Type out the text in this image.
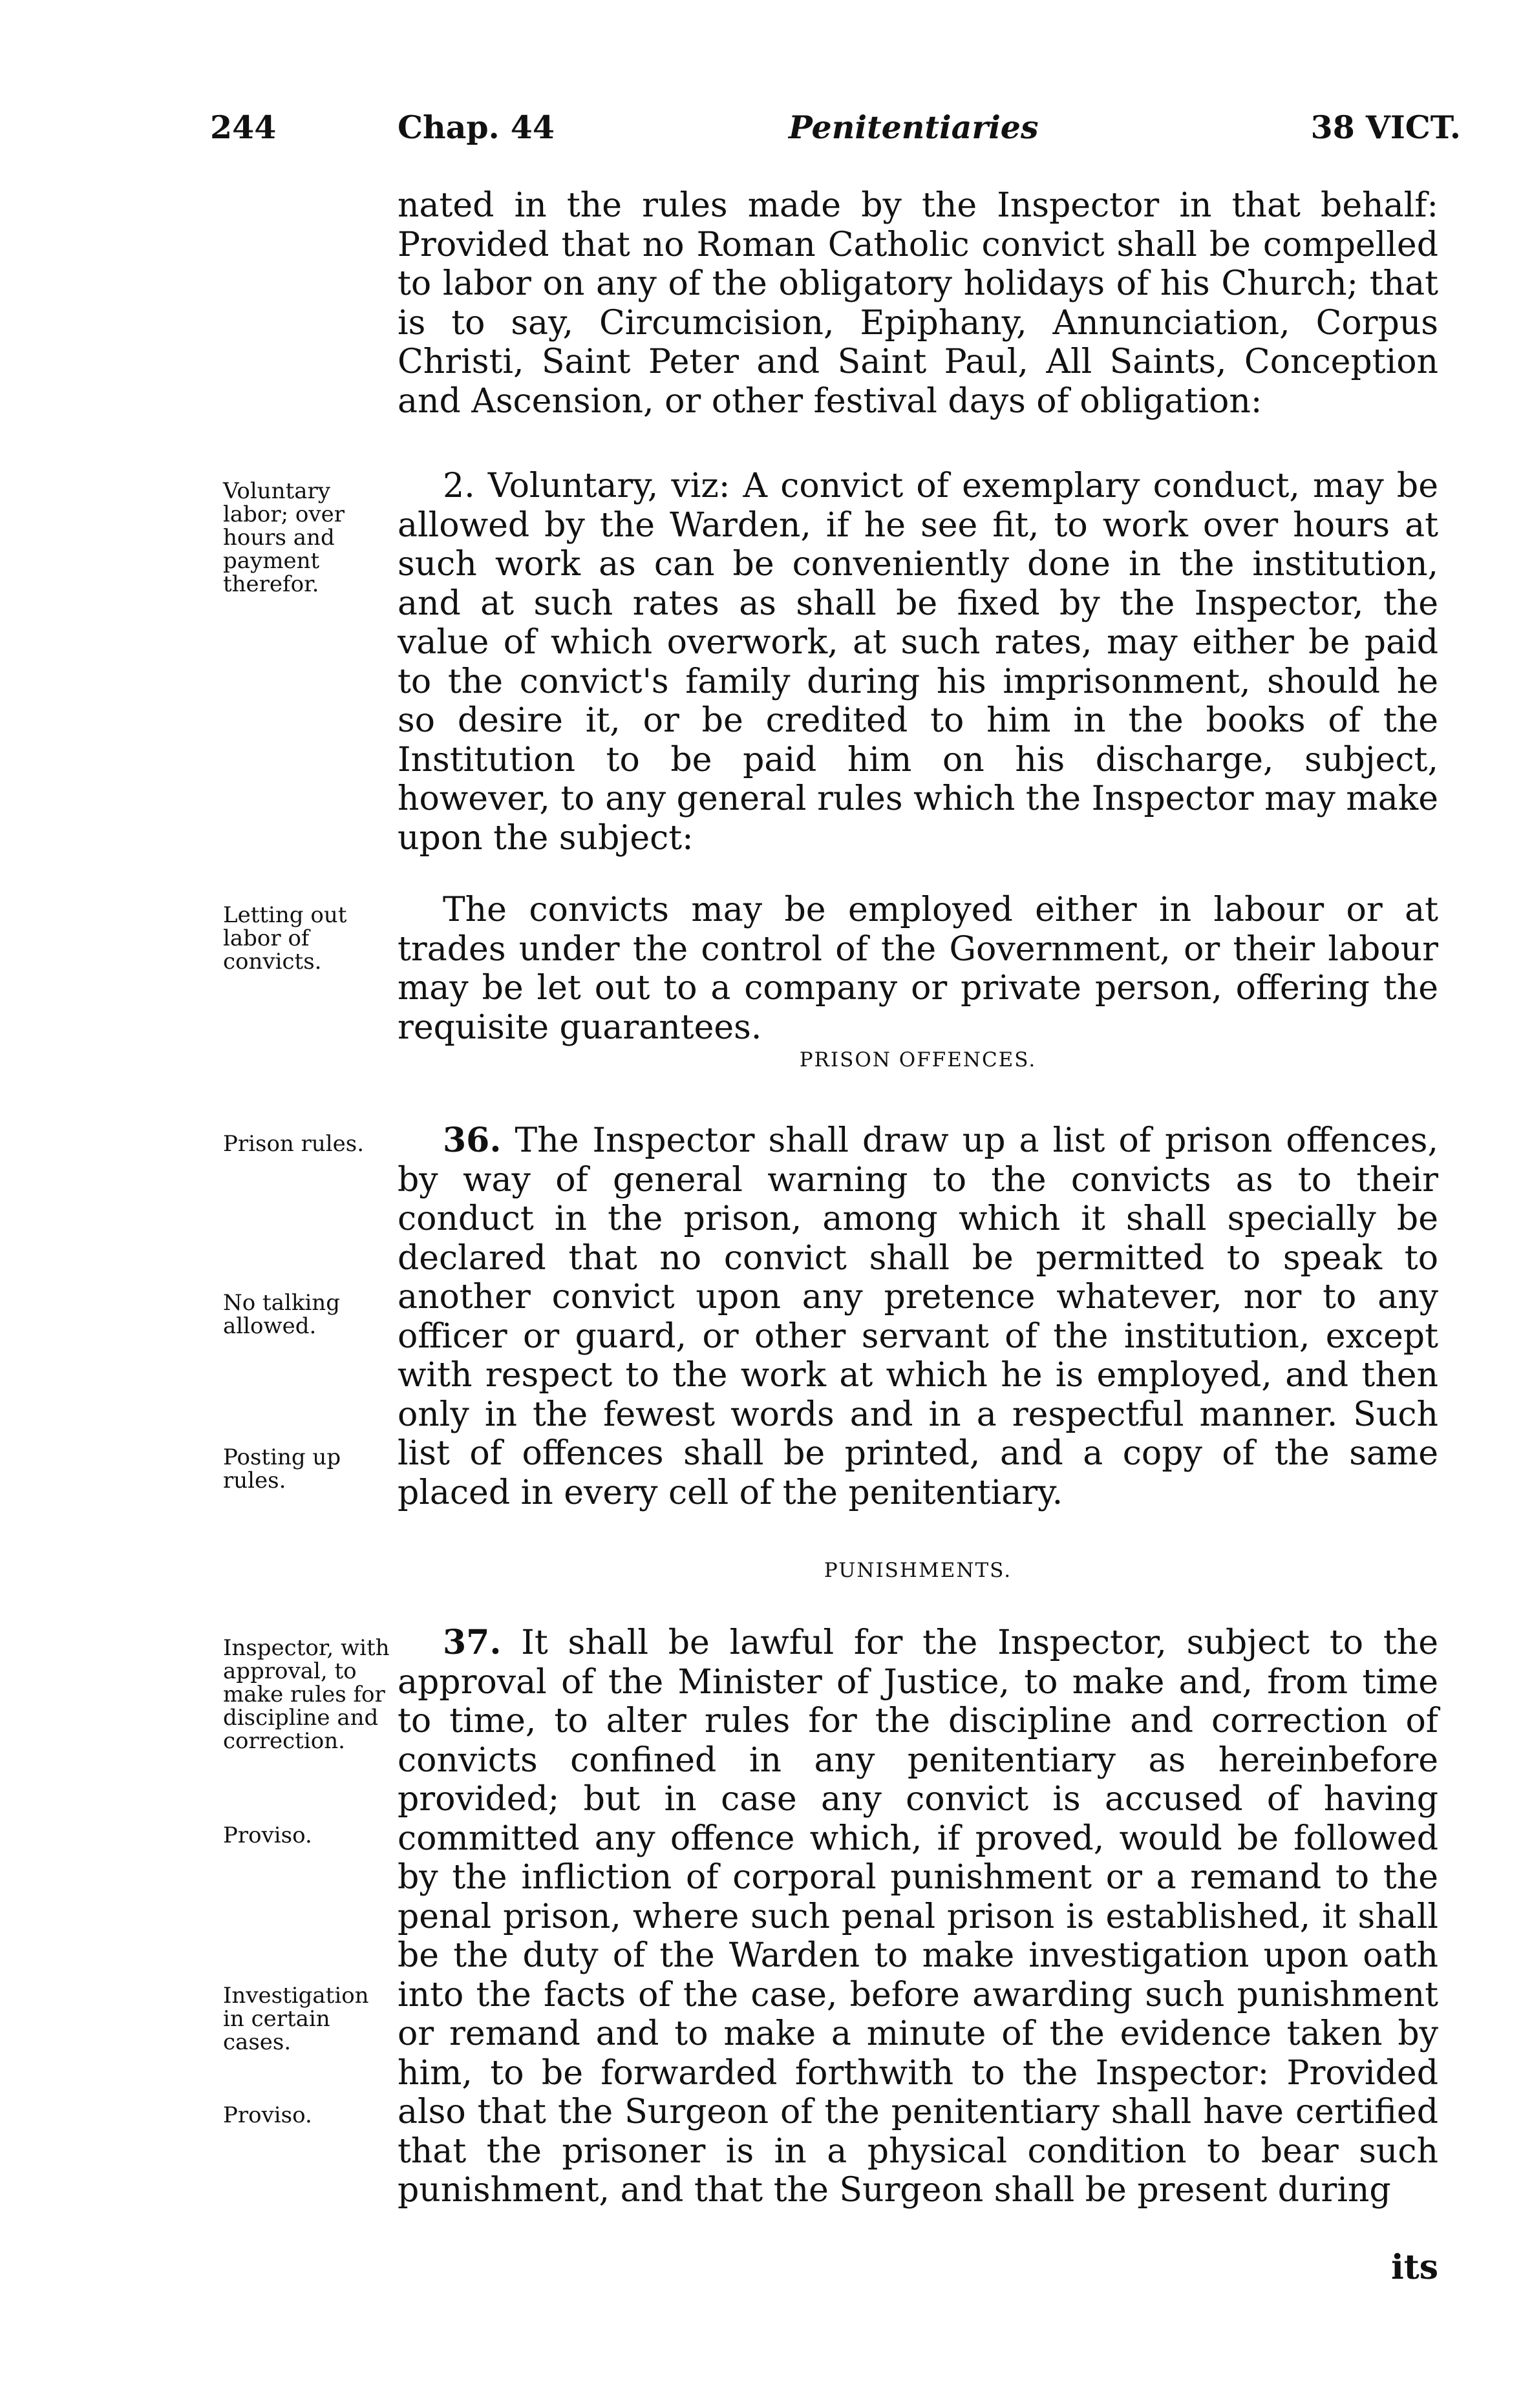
244	Chap. 44	Penitentiaries	38 VICT.

nated in the rules made by the Inspector in that behalf: Provided that no Roman Catholic convict shall be compelled to labor on any of the obligatory holidays of his Church; that is to say, Circumcision, Epiphany, Annunciation, Corpus Christi, Saint Peter and Saint Paul, All Saints, Conception and Ascension, or other festival days of obligation:

Voluntary labor; over hours and payment therefor.

2. Voluntary, viz: A convict of exemplary conduct, may be allowed by the Warden, if he see fit, to work over hours at such work as can be conveniently done in the institution, and at such rates as shall be fixed by the Inspector, the value of which overwork, at such rates, may either be paid to the convict's family during his imprisonment, should he so desire it, or be credited to him in the books of the Institution to be paid him on his discharge, subject, however, to any general rules which the Inspector may make upon the subject:

Letting out labor of convicts.

The convicts may be employed either in labour or at trades under the control of the Government, or their labour may be let out to a company or private person, offering the requisite guarantees.

PRISON OFFENCES.
Prison rules.
No talking allowed.
Posting up rules.

36. The Inspector shall draw up a list of prison offences, by way of general warning to the convicts as to their conduct in the prison, among which it shall specially be declared that no convict shall be permitted to speak to another convict upon any pretence whatever, nor to any officer or guard, or other servant of the institution, except with respect to the work at which he is employed, and then only in the fewest words and in a respectful manner. Such list of offences shall be printed, and a copy of the same placed in every cell of the penitentiary.

PUNISHMENTS.
Inspector, with approval, to make rules for discipline and correction.
Proviso.
Investigation in certain cases.
Proviso.

37. It shall be lawful for the Inspector, subject to the approval of the Minister of Justice, to make and, from time to time, to alter rules for the discipline and correction of convicts confined in any penitentiary as hereinbefore provided; but in case any convict is accused of having committed any offence which, if proved, would be followed by the infliction of corporal punishment or a remand to the penal prison, where such penal prison is established, it shall be the duty of the Warden to make investigation upon oath into the facts of the case, before awarding such punishment or remand and to make a minute of the evidence taken by him, to be forwarded forthwith to the Inspector: Provided also that the Surgeon of the penitentiary shall have certified that the prisoner is in a physical condition to bear such punishment, and that the Surgeon shall be present during

its
